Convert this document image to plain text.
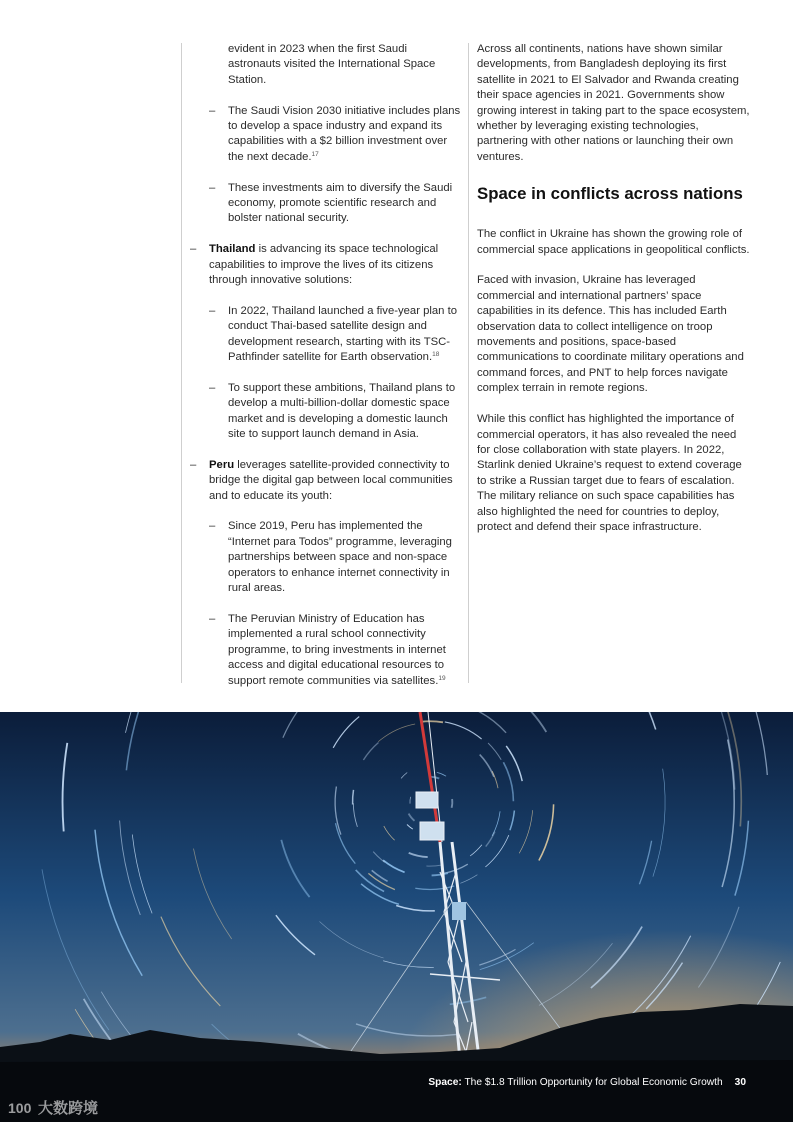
evident in 2023 when the first Saudi astronauts visited the International Space Station.
– The Saudi Vision 2030 initiative includes plans to develop a space industry and expand its capabilities with a $2 billion investment over the next decade.$^{17}$
– These investments aim to diversify the Saudi economy, promote scientific research and bolster national security.
– Thailand is advancing its space technological capabilities to improve the lives of its citizens through innovative solutions:
– In 2022, Thailand launched a five-year plan to conduct Thai-based satellite design and development research, starting with its TSC-Pathfinder satellite for Earth observation.$^{18}$
– To support these ambitions, Thailand plans to develop a multi-billion-dollar domestic space market and is developing a domestic launch site to support launch demand in Asia.
– Peru leverages satellite-provided connectivity to bridge the digital gap between local communities and to educate its youth:
– Since 2019, Peru has implemented the “Internet para Todos” programme, leveraging partnerships between space and non-space operators to enhance internet connectivity in rural areas.
– The Peruvian Ministry of Education has implemented a rural school connectivity programme, to bring investments in internet access and digital educational resources to support remote communities via satellites.$^{19}$

Across all continents, nations have shown similar developments, from Bangladesh deploying its first satellite in 2021 to El Salvador and Rwanda creating their space agencies in 2021. Governments show growing interest in taking part to the space ecosystem, whether by leveraging existing technologies, partnering with other nations or launching their own ventures.

Space in conflicts across nations

The conflict in Ukraine has shown the growing role of commercial space applications in geopolitical conflicts.

Faced with invasion, Ukraine has leveraged commercial and international partners’ space capabilities in its defence. This has included Earth observation data to collect intelligence on troop movements and positions, space-based communications to coordinate military operations and command forces, and PNT to help forces navigate complex terrain in remote regions.

While this conflict has highlighted the importance of commercial operators, it has also revealed the need for close collaboration with state players. In 2022, Starlink denied Ukraine’s request to extend coverage to strike a Russian target due to fears of escalation. The military reliance on such space capabilities has also highlighted the need for countries to deploy, protect and defend their space infrastructure.

Space: The $1.8 Trillion Opportunity for Global Economic Growth 30
100 大数跨境
